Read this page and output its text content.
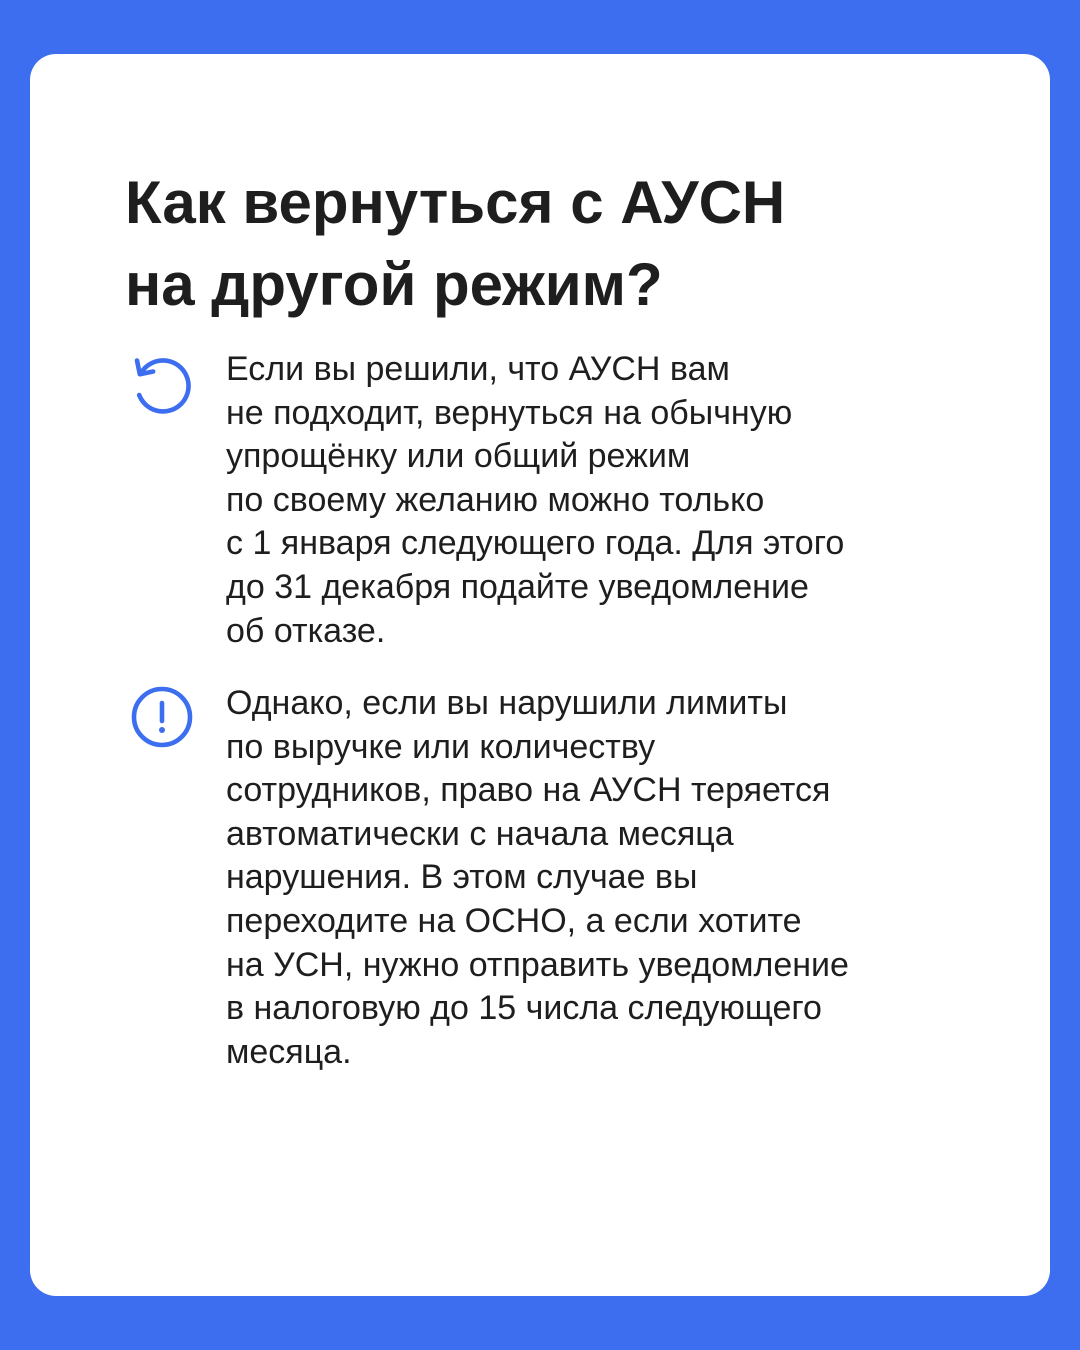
Как вернуться с АУСН
на другой режим?

Если вы решили, что АУСН вам
не подходит, вернуться на обычную
упрощёнку или общий режим
по своему желанию можно только
с 1 января следующего года. Для этого
до 31 декабря подайте уведомление
об отказе.

Однако, если вы нарушили лимиты
по выручке или количеству
сотрудников, право на АУСН теряется
автоматически с начала месяца
нарушения. В этом случае вы
переходите на ОСНО, а если хотите
на УСН, нужно отправить уведомление
в налоговую до 15 числа следующего
месяца.
